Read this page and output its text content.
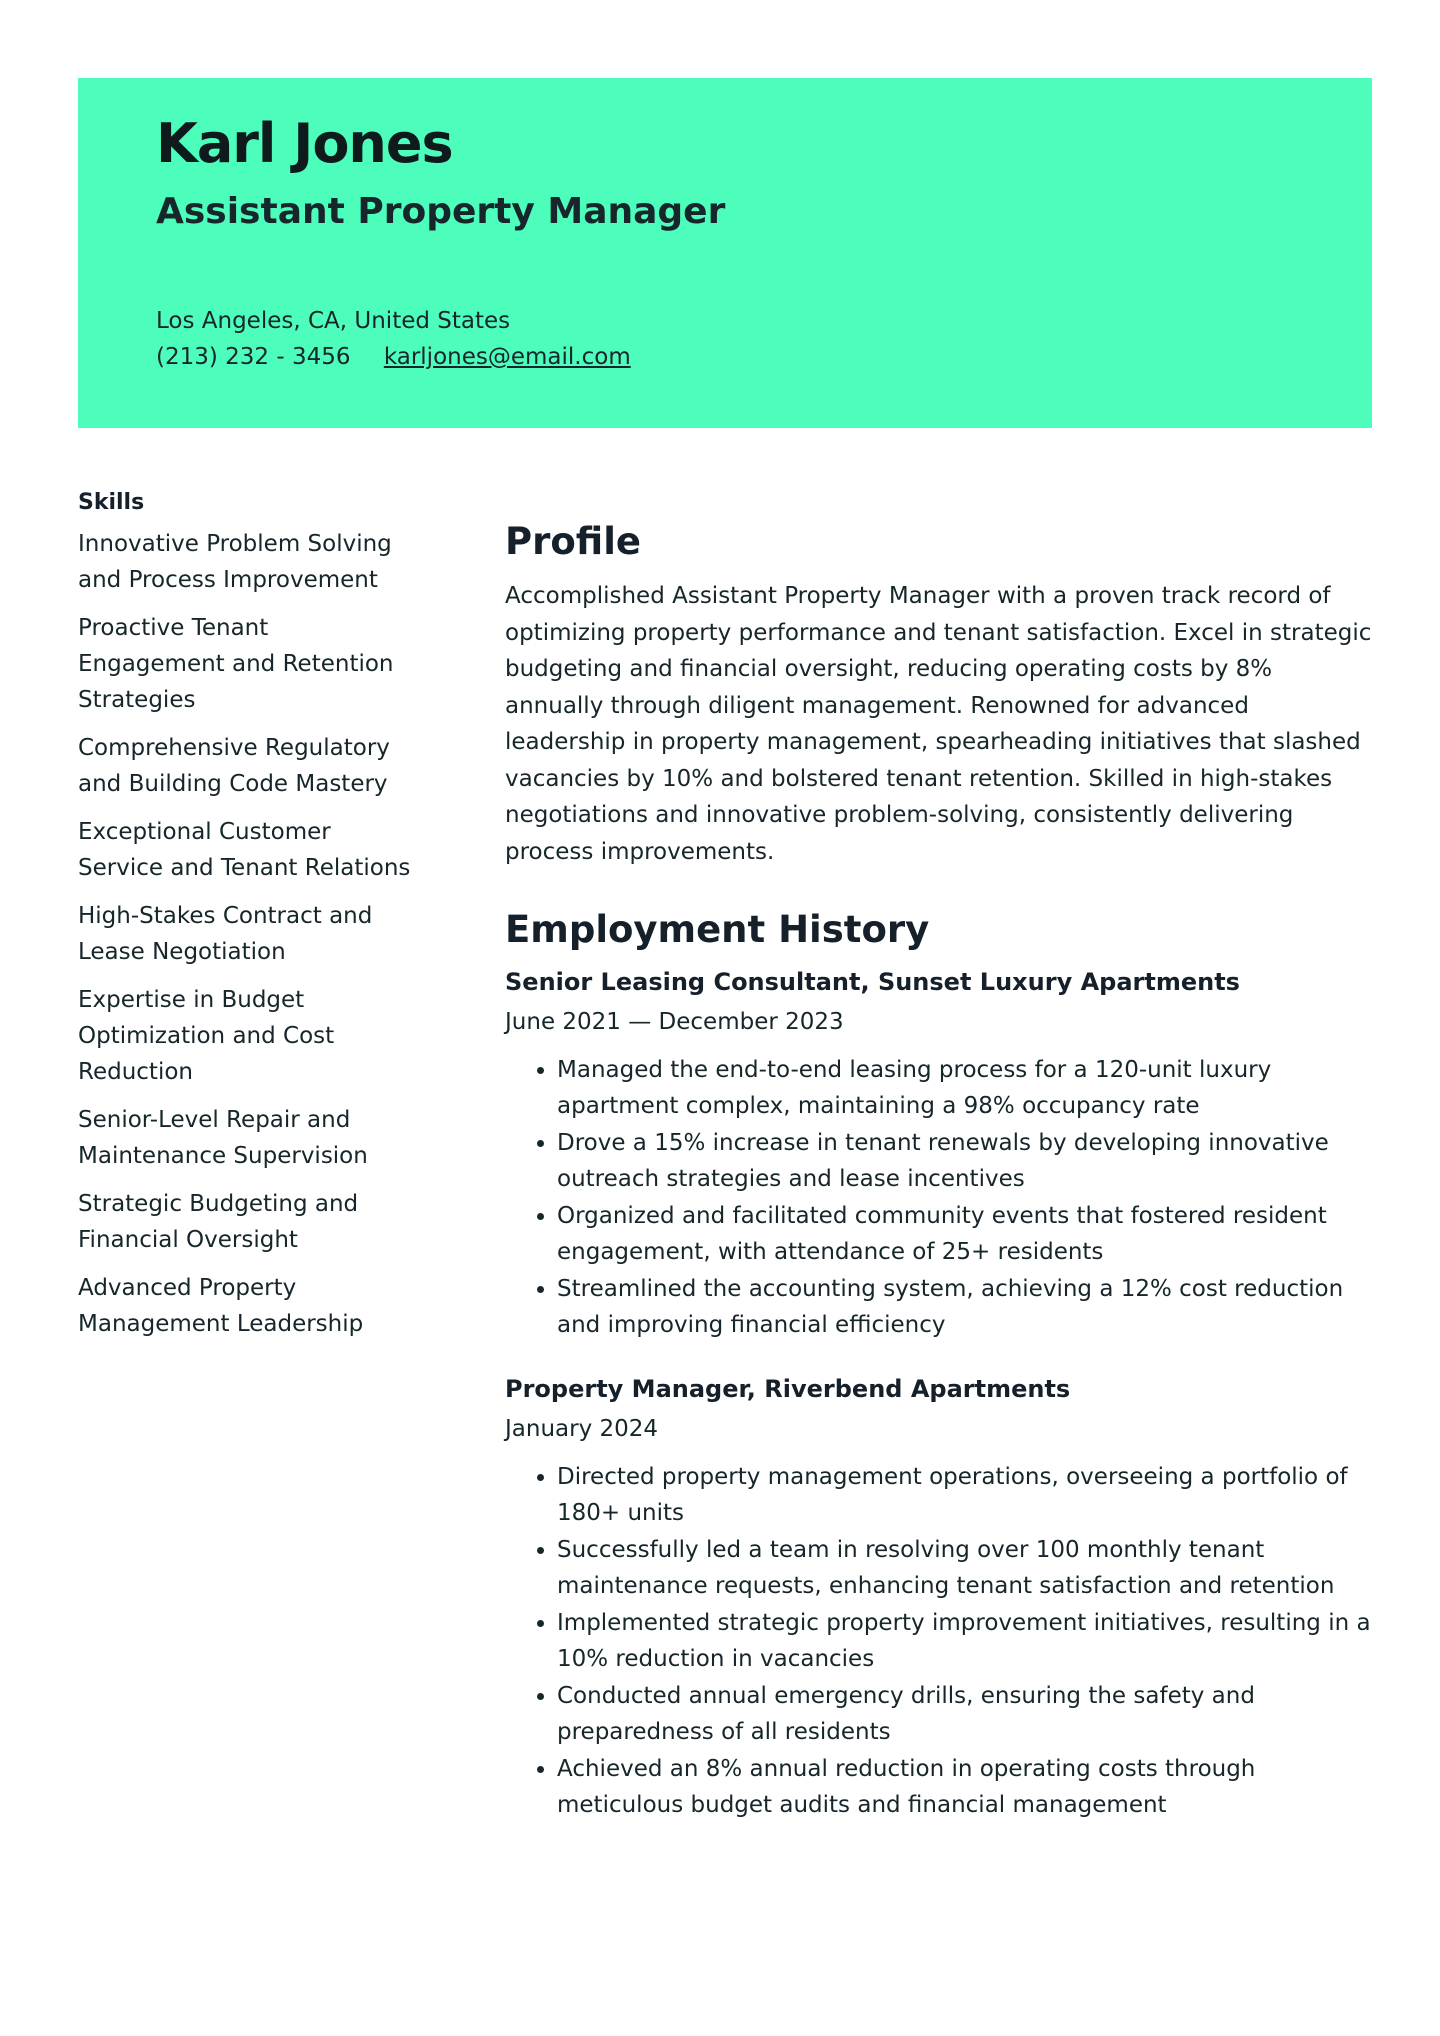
Karl Jones
Assistant Property Manager
Los Angeles, CA, United States
(213) 232 - 3456 karljones@email.com
Skills
Innovative Problem Solving and Process Improvement
Proactive Tenant Engagement and Retention Strategies
Comprehensive Regulatory and Building Code Mastery
Exceptional Customer Service and Tenant Relations
High-Stakes Contract and Lease Negotiation
Expertise in Budget Optimization and Cost Reduction
Senior-Level Repair and Maintenance Supervision
Strategic Budgeting and Financial Oversight
Advanced Property Management Leadership
Profile

Accomplished Assistant Property Manager with a proven track record of optimizing property performance and tenant satisfaction. Excel in strategic budgeting and financial oversight, reducing operating costs by 8% annually through diligent management. Renowned for advanced leadership in property management, spearheading initiatives that slashed vacancies by 10% and bolstered tenant retention. Skilled in high-stakes negotiations and innovative problem-solving, consistently delivering process improvements.

Employment History
Senior Leasing Consultant, Sunset Luxury Apartments
June 2021 — December 2023
• Managed the end-to-end leasing process for a 120-unit luxury apartment complex, maintaining a 98% occupancy rate
• Drove a 15% increase in tenant renewals by developing innovative outreach strategies and lease incentives
• Organized and facilitated community events that fostered resident engagement, with attendance of 25+ residents
• Streamlined the accounting system, achieving a 12% cost reduction and improving financial efficiency
Property Manager, Riverbend Apartments
January 2024
• Directed property management operations, overseeing a portfolio of 180+ units
• Successfully led a team in resolving over 100 monthly tenant maintenance requests, enhancing tenant satisfaction and retention
• Implemented strategic property improvement initiatives, resulting in a 10% reduction in vacancies
• Conducted annual emergency drills, ensuring the safety and preparedness of all residents
• Achieved an 8% annual reduction in operating costs through meticulous budget audits and financial management
